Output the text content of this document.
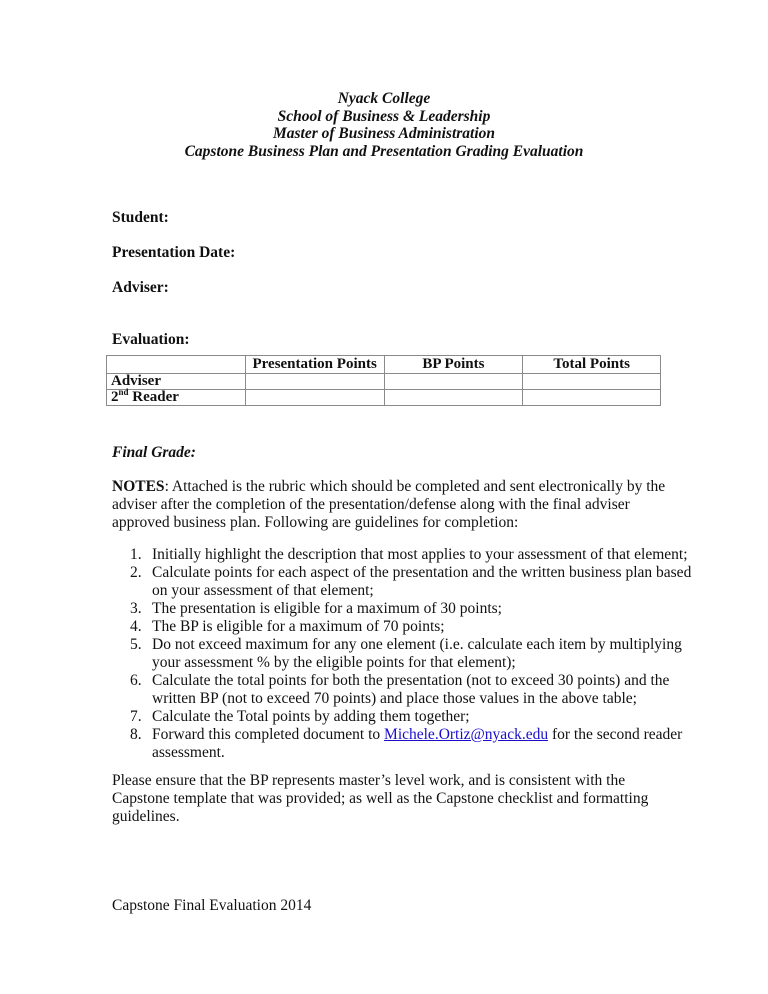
Nyack College
School of Business & Leadership
Master of Business Administration
Capstone Business Plan and Presentation Grading Evaluation
Student:
Presentation Date:
Adviser:
Evaluation:
	Presentation Points	BP Points	Total Points
Adviser			
2nd Reader			
Final Grade:
NOTES: Attached is the rubric which should be completed and sent electronically by the adviser after the completion of the presentation/defense along with the final adviser approved business plan. Following are guidelines for completion:
Initially highlight the description that most applies to your assessment of that element;
Calculate points for each aspect of the presentation and the written business plan based on your assessment of that element;
The presentation is eligible for a maximum of 30 points;
The BP is eligible for a maximum of 70 points;
Do not exceed maximum for any one element (i.e. calculate each item by multiplying your assessment % by the eligible points for that element);
Calculate the total points for both the presentation (not to exceed 30 points) and the written BP (not to exceed 70 points) and place those values in the above table;
Calculate the Total points by adding them together;
Forward this completed document to Michele.Ortiz@nyack.edu for the second reader assessment.
Please ensure that the BP represents master’s level work, and is consistent with the Capstone template that was provided; as well as the Capstone checklist and formatting guidelines.
Capstone Final Evaluation 2014
